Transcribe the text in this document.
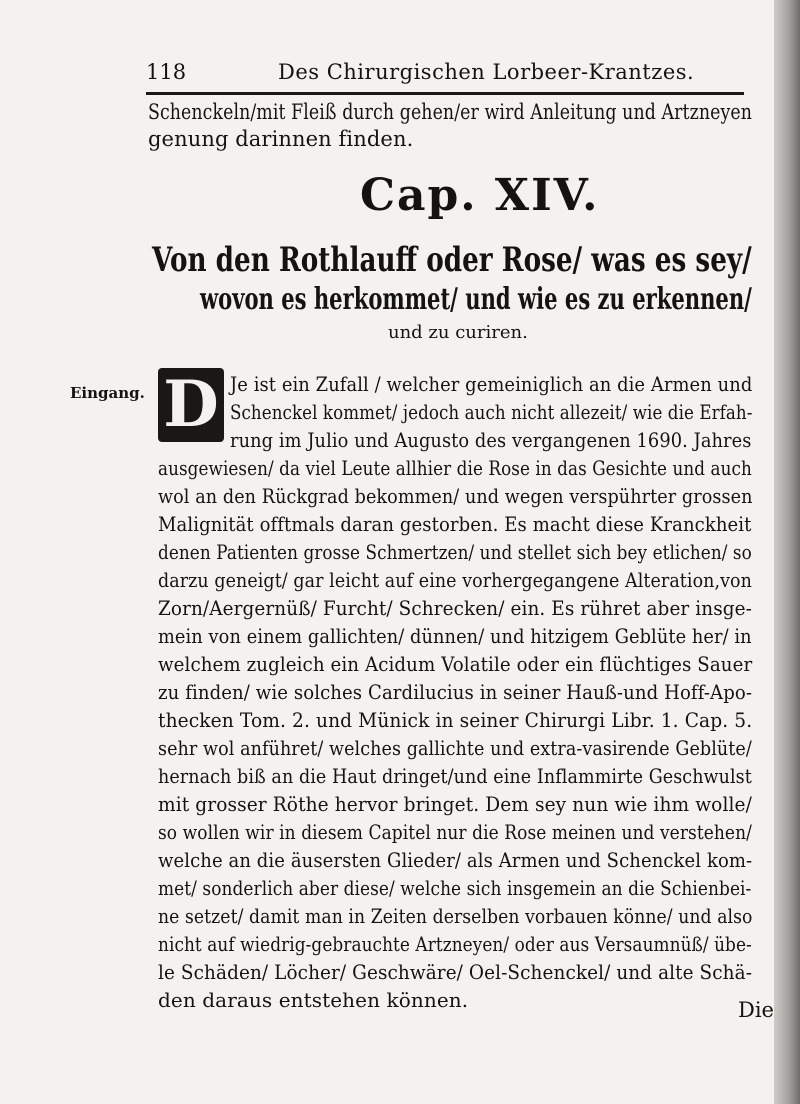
118	Des Chirurgischen Lorbeer-Krantzes.
Schenckeln/mit Fleiß durch gehen/er wird Anleitung und Artzneyen
genung darinnen finden.
Cap. XIV.
Von den Rothlauff oder Rose/ was es sey/
wovon es herkommet/ und wie es zu erkennen/
und zu curiren.
Eingang. D Je ist ein Zufall / welcher gemeiniglich an die Armen und
Schenckel kommet/ jedoch auch nicht allezeit/ wie die Erfah-
rung im Julio und Augusto des vergangenen 1690. Jahres
ausgewiesen/ da viel Leute allhier die Rose in das Gesichte und auch
wol an den Rückgrad bekommen/ und wegen verspührter grossen
Malignität offtmals daran gestorben. Es macht diese Kranckheit
denen Patienten grosse Schmertzen/ und stellet sich bey etlichen/ so
darzu geneigt/ gar leicht auf eine vorhergegangene Alteration,von
Zorn/Aergernüß/ Furcht/ Schrecken/ ein. Es rühret aber insge-
mein von einem gallichten/ dünnen/ und hitzigem Geblüte her/ in
welchem zugleich ein Acidum Volatile oder ein flüchtiges Sauer
zu finden/ wie solches Cardilucius in seiner Hauß-und Hoff-Apo-
thecken Tom. 2. und Münick in seiner Chirurgi Libr. 1. Cap. 5.
sehr wol anführet/ welches gallichte und extra-vasirende Geblüte/
hernach biß an die Haut dringet/und eine Inflammirte Geschwulst
mit grosser Röthe hervor bringet. Dem sey nun wie ihm wolle/
so wollen wir in diesem Capitel nur die Rose meinen und verstehen/
welche an die äusersten Glieder/ als Armen und Schenckel kom-
met/ sonderlich aber diese/ welche sich insgemein an die Schienbei-
ne setzet/ damit man in Zeiten derselben vorbauen könne/ und also
nicht auf wiedrig-gebrauchte Artzneyen/ oder aus Versaumnüß/ übe-
le Schäden/ Löcher/ Geschwäre/ Oel-Schenckel/ und alte Schä-
den daraus entstehen können.	Die
